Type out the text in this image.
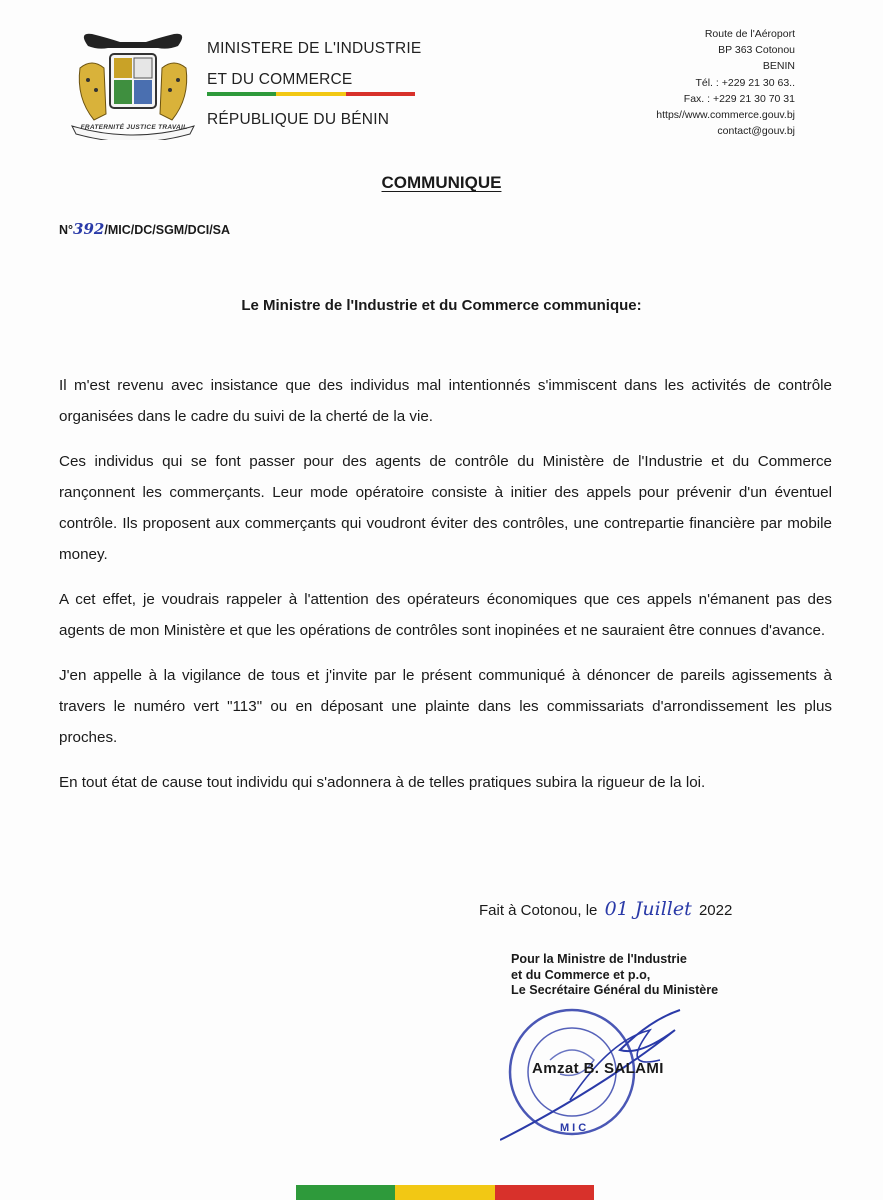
FRATERNITÉ JUSTICE TRAVAIL
MINISTERE DE L'INDUSTRIE
ET DU COMMERCE
RÉPUBLIQUE DU BÉNIN
Route de l'Aéroport
BP 363 Cotonou
BENIN
Tél. : +229 21 30 63..
Fax. : +229 21 30 70 31
https//www.commerce.gouv.bj
contact@gouv.bj
COMMUNIQUE
N°392/MIC/DC/SGM/DCI/SA
Le Ministre de l'Industrie et du Commerce communique:

Il m'est revenu avec insistance que des individus mal intentionnés s'immiscent dans les activités de contrôle organisées dans le cadre du suivi de la cherté de la vie.

Ces individus qui se font passer pour des agents de contrôle du Ministère de l'Industrie et du Commerce rançonnent les commerçants. Leur mode opératoire consiste à initier des appels pour prévenir d'un éventuel contrôle. Ils proposent aux commerçants qui voudront éviter des contrôles, une contrepartie financière par mobile money.

A cet effet, je voudrais rappeler à l'attention des opérateurs économiques que ces appels n'émanent pas des agents de mon Ministère et que les opérations de contrôles sont inopinées et ne sauraient être connues d'avance.

J'en appelle à la vigilance de tous et j'invite par le présent communiqué à dénoncer de pareils agissements à travers le numéro vert "113" ou en déposant une plainte dans les commissariats d'arrondissement les plus proches.

En tout état de cause tout individu qui s'adonnera à de telles pratiques subira la rigueur de la loi.

Fait à Cotonou, le 01 Juillet 2022
MIC
Pour la Ministre de l'Industrie
et du Commerce et p.o,
Le Secrétaire Général du Ministère
Amzat B. SALAMI
